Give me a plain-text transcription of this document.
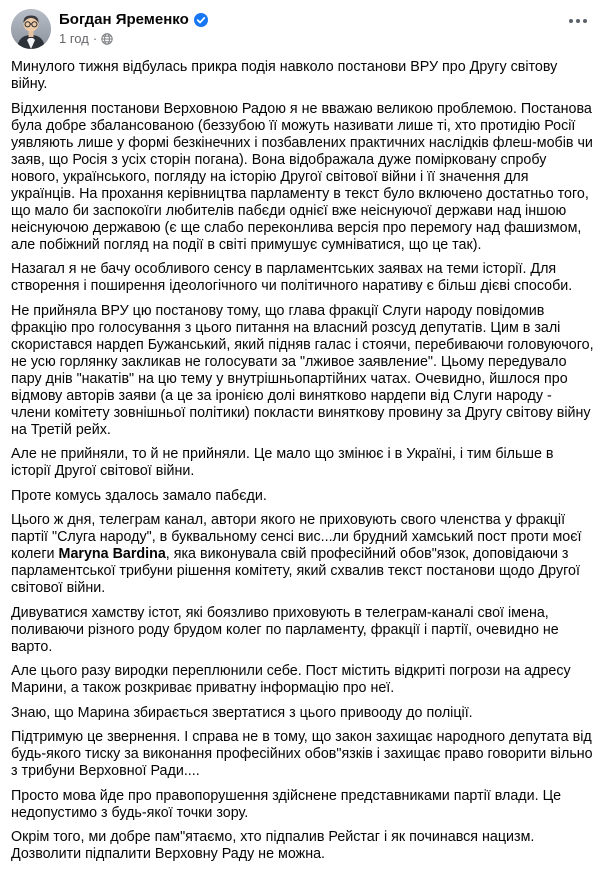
Богдан Яременко
1 год ·

Минулого тижня відбулась прикра подія навколо постанови ВРУ про Другу світову війну.

Відхилення постанови Верховною Радою я не вважаю великою проблемою. Постанова була добре збалансованою (беззубою її можуть називати лише ті, хто протидію Росії уявляють лише у формі безкінечних і позбавлених практичних наслідків флеш-мобів чи заяв, що Росія з усіх сторін погана). Вона відображала дуже помірковану спробу нового, українського, погляду на історію Другої світової війни і її значення для українців. На прохання керівництва парламенту в текст було включено достатньо того, що мало би заспокоїги любителів пабєди однієї вже неіснуючої держави над іншою неіснуючою державою (є ще слабо переконлива версія про перемогу над фашизмом, але побіжний погляд на події в світі примушує сумніватися, що це так).

Назагал я не бачу особливого сенсу в парламентських заявах на теми історії. Для створення і поширення ідеологічного чи політичного наративу є більш дієві способи.

Не прийняла ВРУ цю постанову тому, що глава фракції Слуги народу повідомив фракцію про голосування з цього питання на власний розсуд депутатів. Цим в залі скористався нардеп Бужанський, який підняв галас і стоячи, перебиваючи головуючого, не усю горлянку закликав не голосувати за "лживое заявление". Цьому передувало пару днів "накатів" на цю тему у внутрішньопартійних чатах. Очевидно, йшлося про відмову авторів заяви (а це за іронією долі винятково нардепи від Слуги народу - члени комітету зовнішньої політики) покласти виняткову провину за Другу світову війну на Третій рейх.

Але не прийняли, то й не прийняли. Це мало що змінює і в Україні, і тим більше в історії Другої світової війни.

Проте комусь здалось замало пабєди.

Цього ж дня, телеграм канал, автори якого не приховують свого членства у фракції партії "Слуга народу", в буквальному сенсі вис...ли брудний хамський пост проти моєї колеги Maryna Bardina, яка виконувала свій професійний обов"язок, доповідаючи з парламентської трибуни рішення комітету, який схвалив текст постанови щодо Другої світової війни.

Дивуватися хамству істот, які боязливо приховують в телеграм-каналі свої імена, поливаючи різного роду брудом колег по парламенту, фракції і партії, очевидно не варто.

Але цього разу виродки переплюнили себе. Пост містить відкриті погрози на адресу Марини, а також розкриває приватну інформацію про неї.

Знаю, що Марина збирається звертатися з цього привооду до поліції.

Підтримую це звернення. І справа не в тому, що закон захищає народного депутата від будь-якого тиску за виконання професійних обов"язків і захищає право говорити вільно з трибуни Верховної Ради....

Просто мова йде про правопорушення здійснене представниками партії влади. Це недопустимо з будь-якої точки зору.

Окрім того, ми добре пам"ятаємо, хто підпалив Рейстаг і як починався нацизм. Дозволити підпалити Верховну Раду не можна.
